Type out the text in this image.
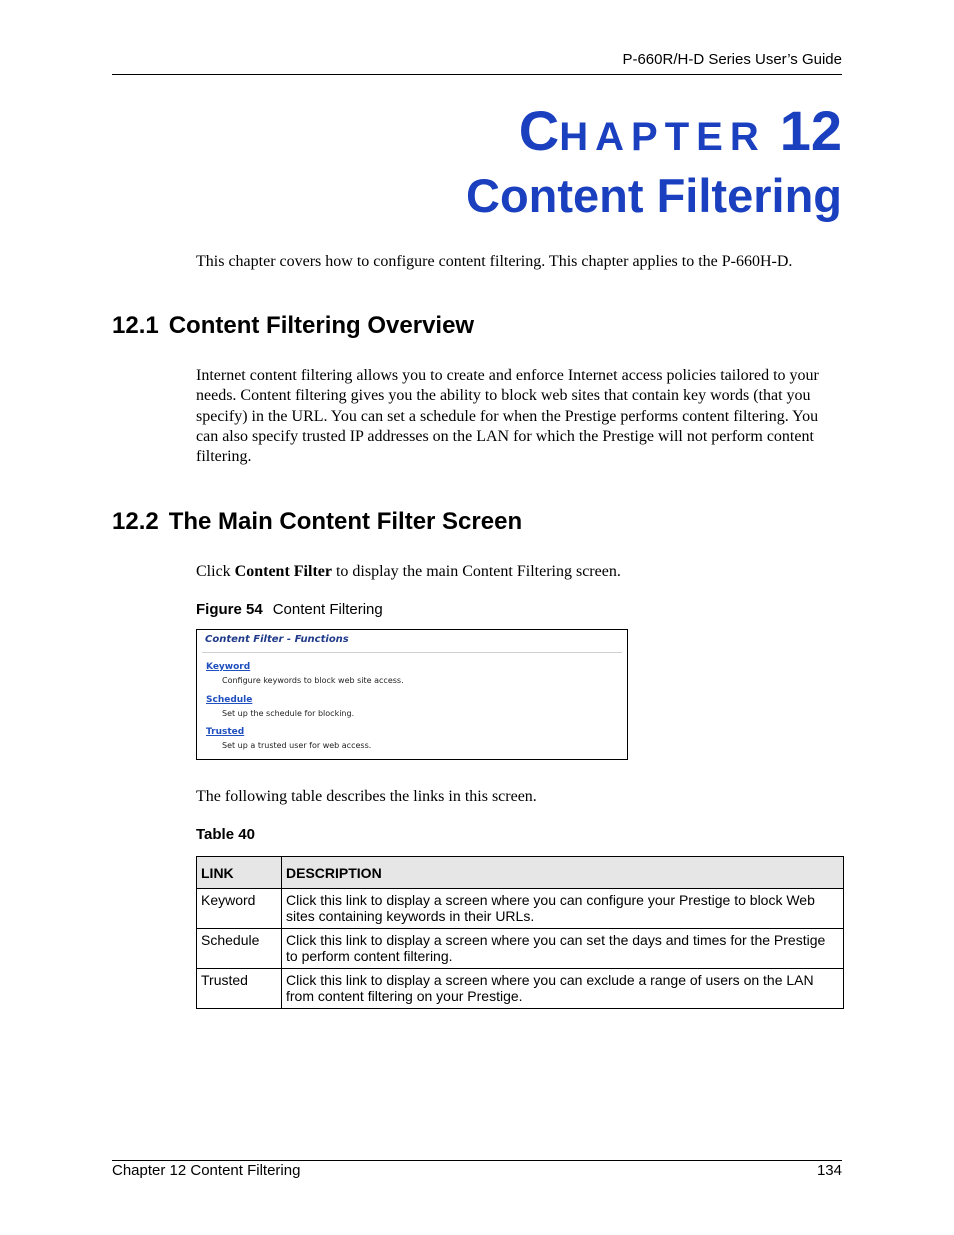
P-660R/H-D Series User’s Guide
CHAPTER 12
Content Filtering
This chapter covers how to configure content filtering. This chapter applies to the P-660H-D.
12.1 Content Filtering Overview
Internet content filtering allows you to create and enforce Internet access policies tailored to your needs. Content filtering gives you the ability to block web sites that contain key words (that you specify) in the URL. You can set a schedule for when the Prestige performs content filtering. You can also specify trusted IP addresses on the LAN for which the Prestige will not perform content filtering.
12.2 The Main Content Filter Screen
Click Content Filter to display the main Content Filtering screen.
Figure 54 Content Filtering
Content Filter - Functions
Keyword
Configure keywords to block web site access.
Schedule
Set up the schedule for blocking.
Trusted
Set up a trusted user for web access.
The following table describes the links in this screen.
Table 40
LINK	DESCRIPTION
Keyword	Click this link to display a screen where you can configure your Prestige to block Web sites containing keywords in their URLs.
Schedule	Click this link to display a screen where you can set the days and times for the Prestige to perform content filtering.
Trusted	Click this link to display a screen where you can exclude a range of users on the LAN from content filtering on your Prestige.
Chapter 12 Content Filtering	134
